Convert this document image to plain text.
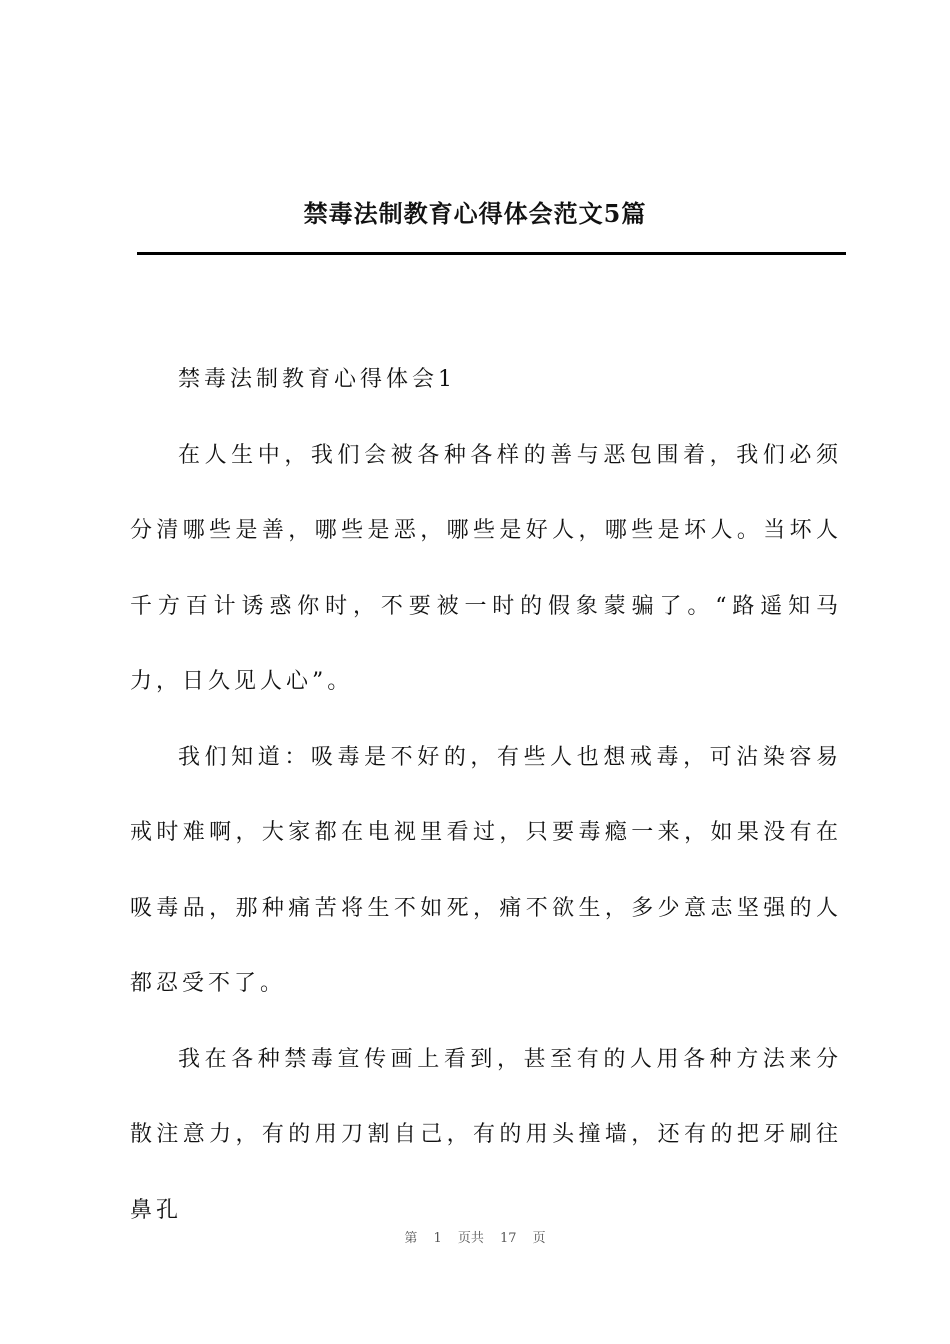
禁毒法制教育心得体会范文5篇

禁毒法制教育心得体会1

在人生中，我们会被各种各样的善与恶包围着，我们必须分清哪些是善，哪些是恶，哪些是好人，哪些是坏人。当坏人千方百计诱惑你时，不要被一时的假象蒙骗了。“路遥知马力，日久见人心”。

我们知道：吸毒是不好的，有些人也想戒毒，可沾染容易戒时难啊，大家都在电视里看过，只要毒瘾一来，如果没有在吸毒品，那种痛苦将生不如死，痛不欲生，多少意志坚强的人都忍受不了。

我在各种禁毒宣传画上看到，甚至有的人用各种方法来分散注意力，有的用刀割自己，有的用头撞墙，还有的把牙刷往鼻孔

第 1 页共 17 页
